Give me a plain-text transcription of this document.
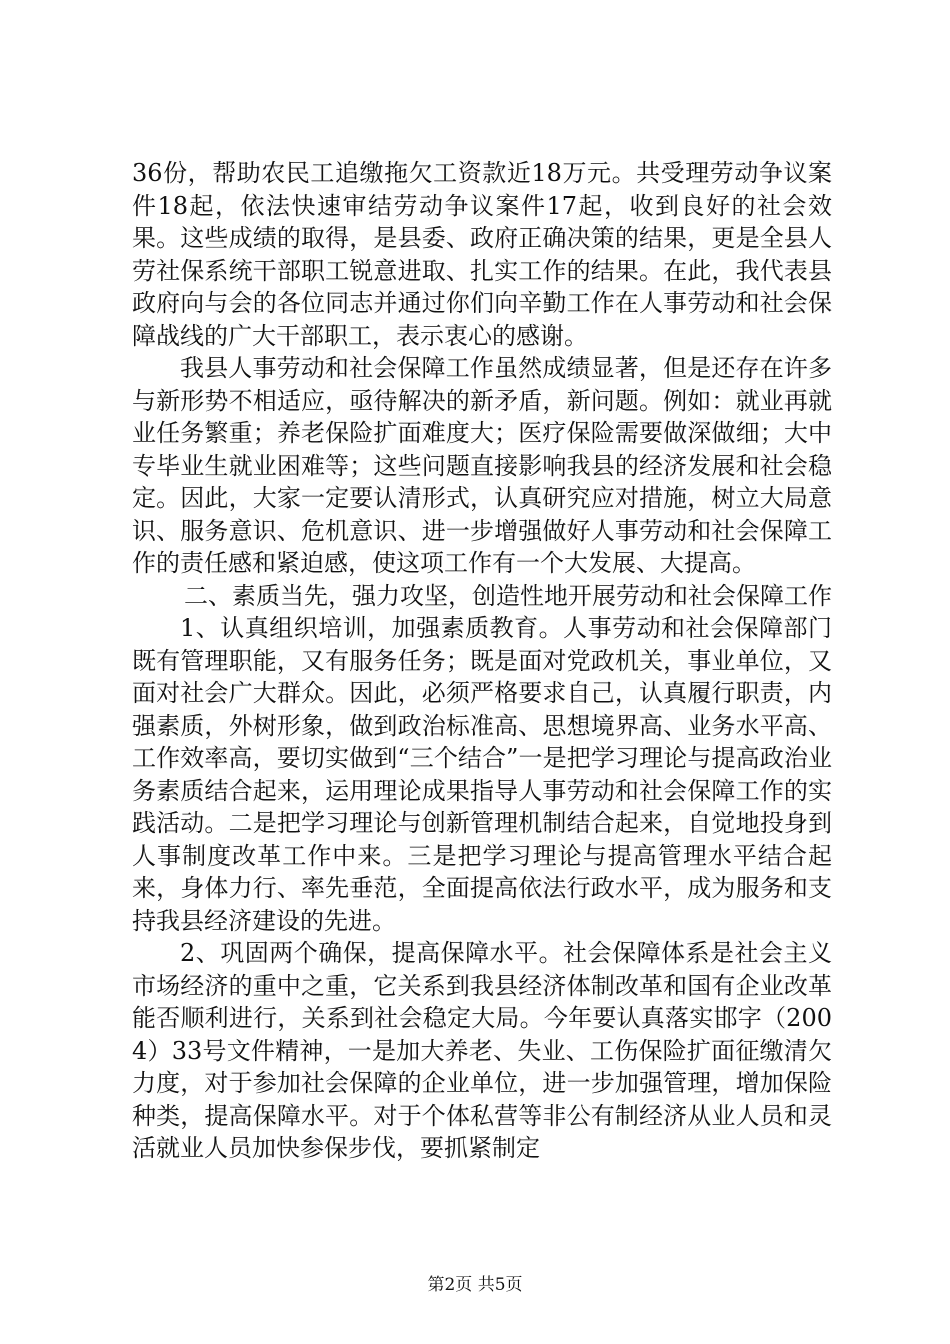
36份，帮助农民工追缴拖欠工资款近18万元。共受理劳动争议案件18起，依法快速审结劳动争议案件17起，收到良好的社会效果。这些成绩的取得，是县委、政府正确决策的结果，更是全县人劳社保系统干部职工锐意进取、扎实工作的结果。在此，我代表县政府向与会的各位同志并通过你们向辛勤工作在人事劳动和社会保障战线的广大干部职工，表示衷心的感谢。

我县人事劳动和社会保障工作虽然成绩显著，但是还存在许多与新形势不相适应，亟待解决的新矛盾，新问题。例如：就业再就业任务繁重；养老保险扩面难度大；医疗保险需要做深做细；大中专毕业生就业困难等；这些问题直接影响我县的经济发展和社会稳定。因此，大家一定要认清形式，认真研究应对措施，树立大局意识、服务意识、危机意识、进一步增强做好人事劳动和社会保障工作的责任感和紧迫感，使这项工作有一个大发展、大提高。

二、素质当先，强力攻坚，创造性地开展劳动和社会保障工作

1、认真组织培训，加强素质教育。人事劳动和社会保障部门既有管理职能，又有服务任务；既是面对党政机关，事业单位，又面对社会广大群众。因此，必须严格要求自己，认真履行职责，内强素质，外树形象，做到政治标准高、思想境界高、业务水平高、工作效率高，要切实做到“三个结合”一是把学习理论与提高政治业务素质结合起来，运用理论成果指导人事劳动和社会保障工作的实践活动。二是把学习理论与创新管理机制结合起来，自觉地投身到人事制度改革工作中来。三是把学习理论与提高管理水平结合起来，身体力行、率先垂范，全面提高依法行政水平，成为服务和支持我县经济建设的先进。

2、巩固两个确保，提高保障水平。社会保障体系是社会主义市场经济的重中之重，它关系到我县经济体制改革和国有企业改革能否顺利进行，关系到社会稳定大局。今年要认真落实邯字（2004）33号文件精神，一是加大养老、失业、工伤保险扩面征缴清欠力度，对于参加社会保障的企业单位，进一步加强管理，增加保险种类，提高保障水平。对于个体私营等非公有制经济从业人员和灵活就业人员加快参保步伐，要抓紧制定

第2页 共5页
